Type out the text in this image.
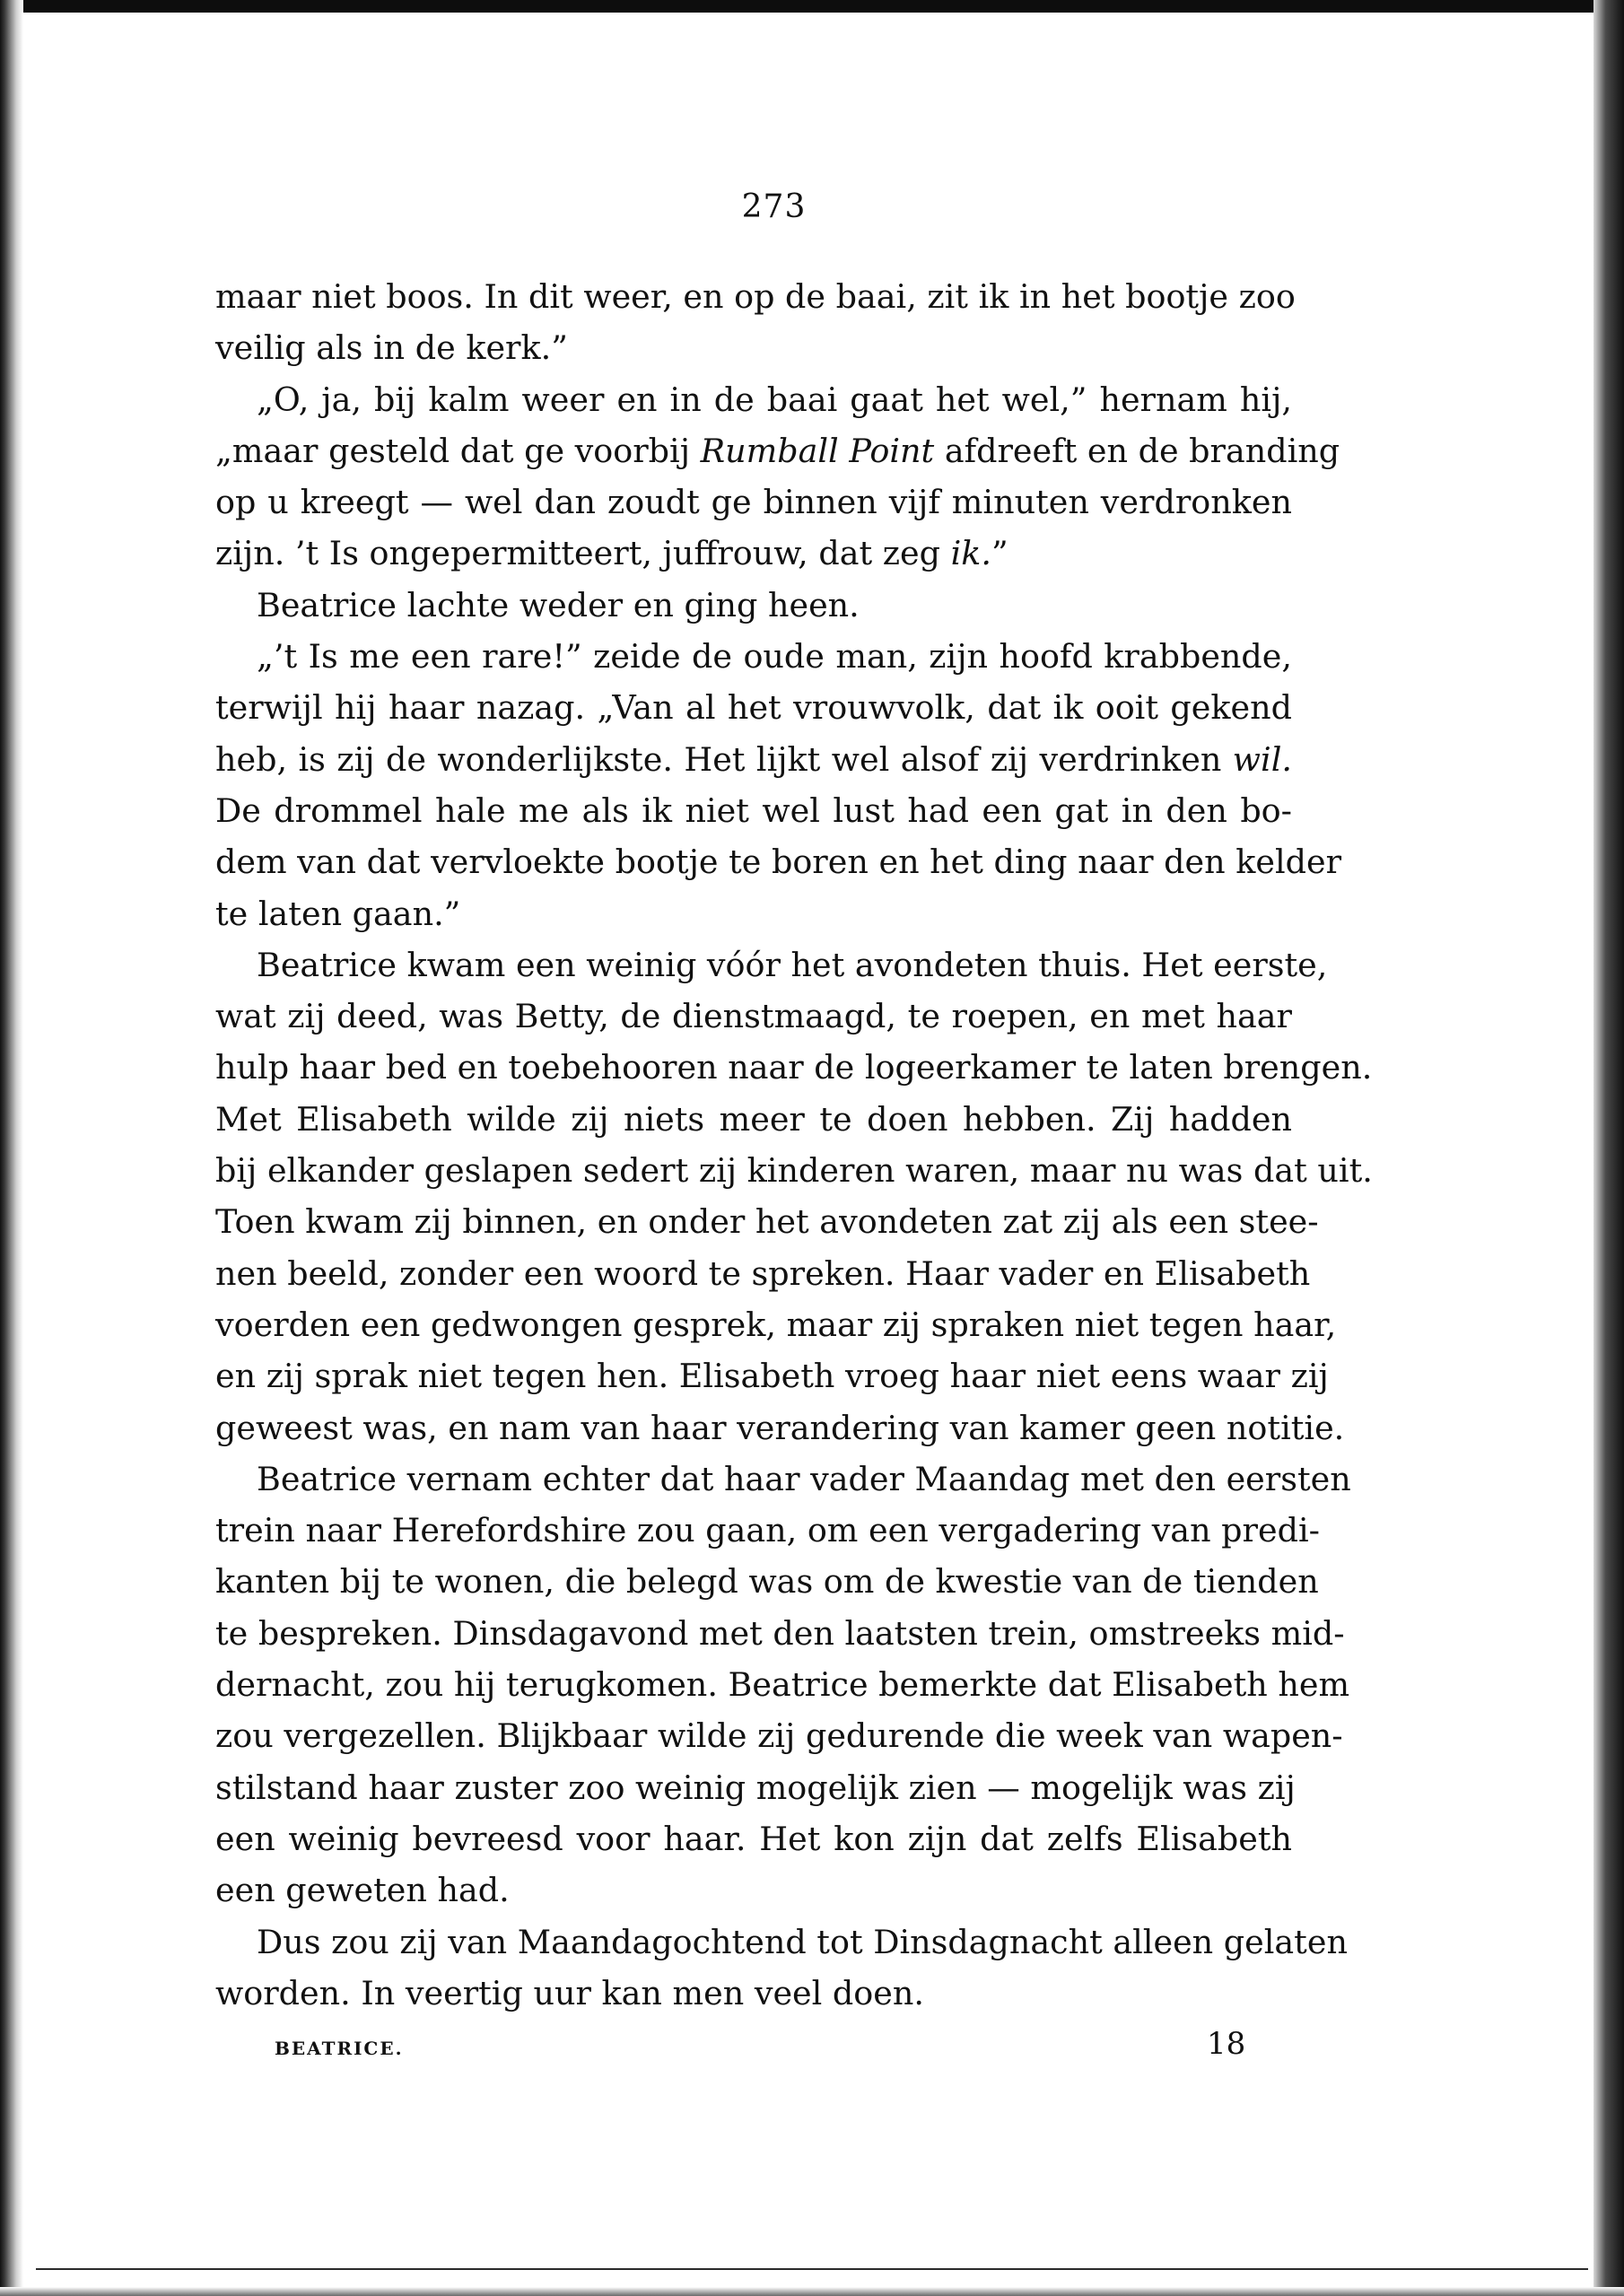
273
maar niet boos. In dit weer, en op de baai, zit ik in het bootje zoo
veilig als in de kerk.”
„O, ja, bij kalm weer en in de baai gaat het wel,” hernam hij,
„maar gesteld dat ge voorbij Rumball Point afdreeft en de branding
op u kreegt — wel dan zoudt ge binnen vijf minuten verdronken
zijn. ’t Is ongepermitteert, juffrouw, dat zeg ik.”
Beatrice lachte weder en ging heen.
„’t Is me een rare!” zeide de oude man, zijn hoofd krabbende,
terwijl hij haar nazag. „Van al het vrouwvolk, dat ik ooit gekend
heb, is zij de wonderlijkste. Het lijkt wel alsof zij verdrinken wil.
De drommel hale me als ik niet wel lust had een gat in den bo-
dem van dat vervloekte bootje te boren en het ding naar den kelder
te laten gaan.”
Beatrice kwam een weinig vóór het avondeten thuis. Het eerste,
wat zij deed, was Betty, de dienstmaagd, te roepen, en met haar
hulp haar bed en toebehooren naar de logeerkamer te laten brengen.
Met Elisabeth wilde zij niets meer te doen hebben. Zij hadden
bij elkander geslapen sedert zij kinderen waren, maar nu was dat uit.
Toen kwam zij binnen, en onder het avondeten zat zij als een stee-
nen beeld, zonder een woord te spreken. Haar vader en Elisabeth
voerden een gedwongen gesprek, maar zij spraken niet tegen haar,
en zij sprak niet tegen hen. Elisabeth vroeg haar niet eens waar zij
geweest was, en nam van haar verandering van kamer geen notitie.
Beatrice vernam echter dat haar vader Maandag met den eersten
trein naar Herefordshire zou gaan, om een vergadering van predi-
kanten bij te wonen, die belegd was om de kwestie van de tienden
te bespreken. Dinsdagavond met den laatsten trein, omstreeks mid-
dernacht, zou hij terugkomen. Beatrice bemerkte dat Elisabeth hem
zou vergezellen. Blijkbaar wilde zij gedurende die week van wapen-
stilstand haar zuster zoo weinig mogelijk zien — mogelijk was zij
een weinig bevreesd voor haar. Het kon zijn dat zelfs Elisabeth
een geweten had.
Dus zou zij van Maandagochtend tot Dinsdagnacht alleen gelaten
worden. In veertig uur kan men veel doen.
BEATRICE.	18
